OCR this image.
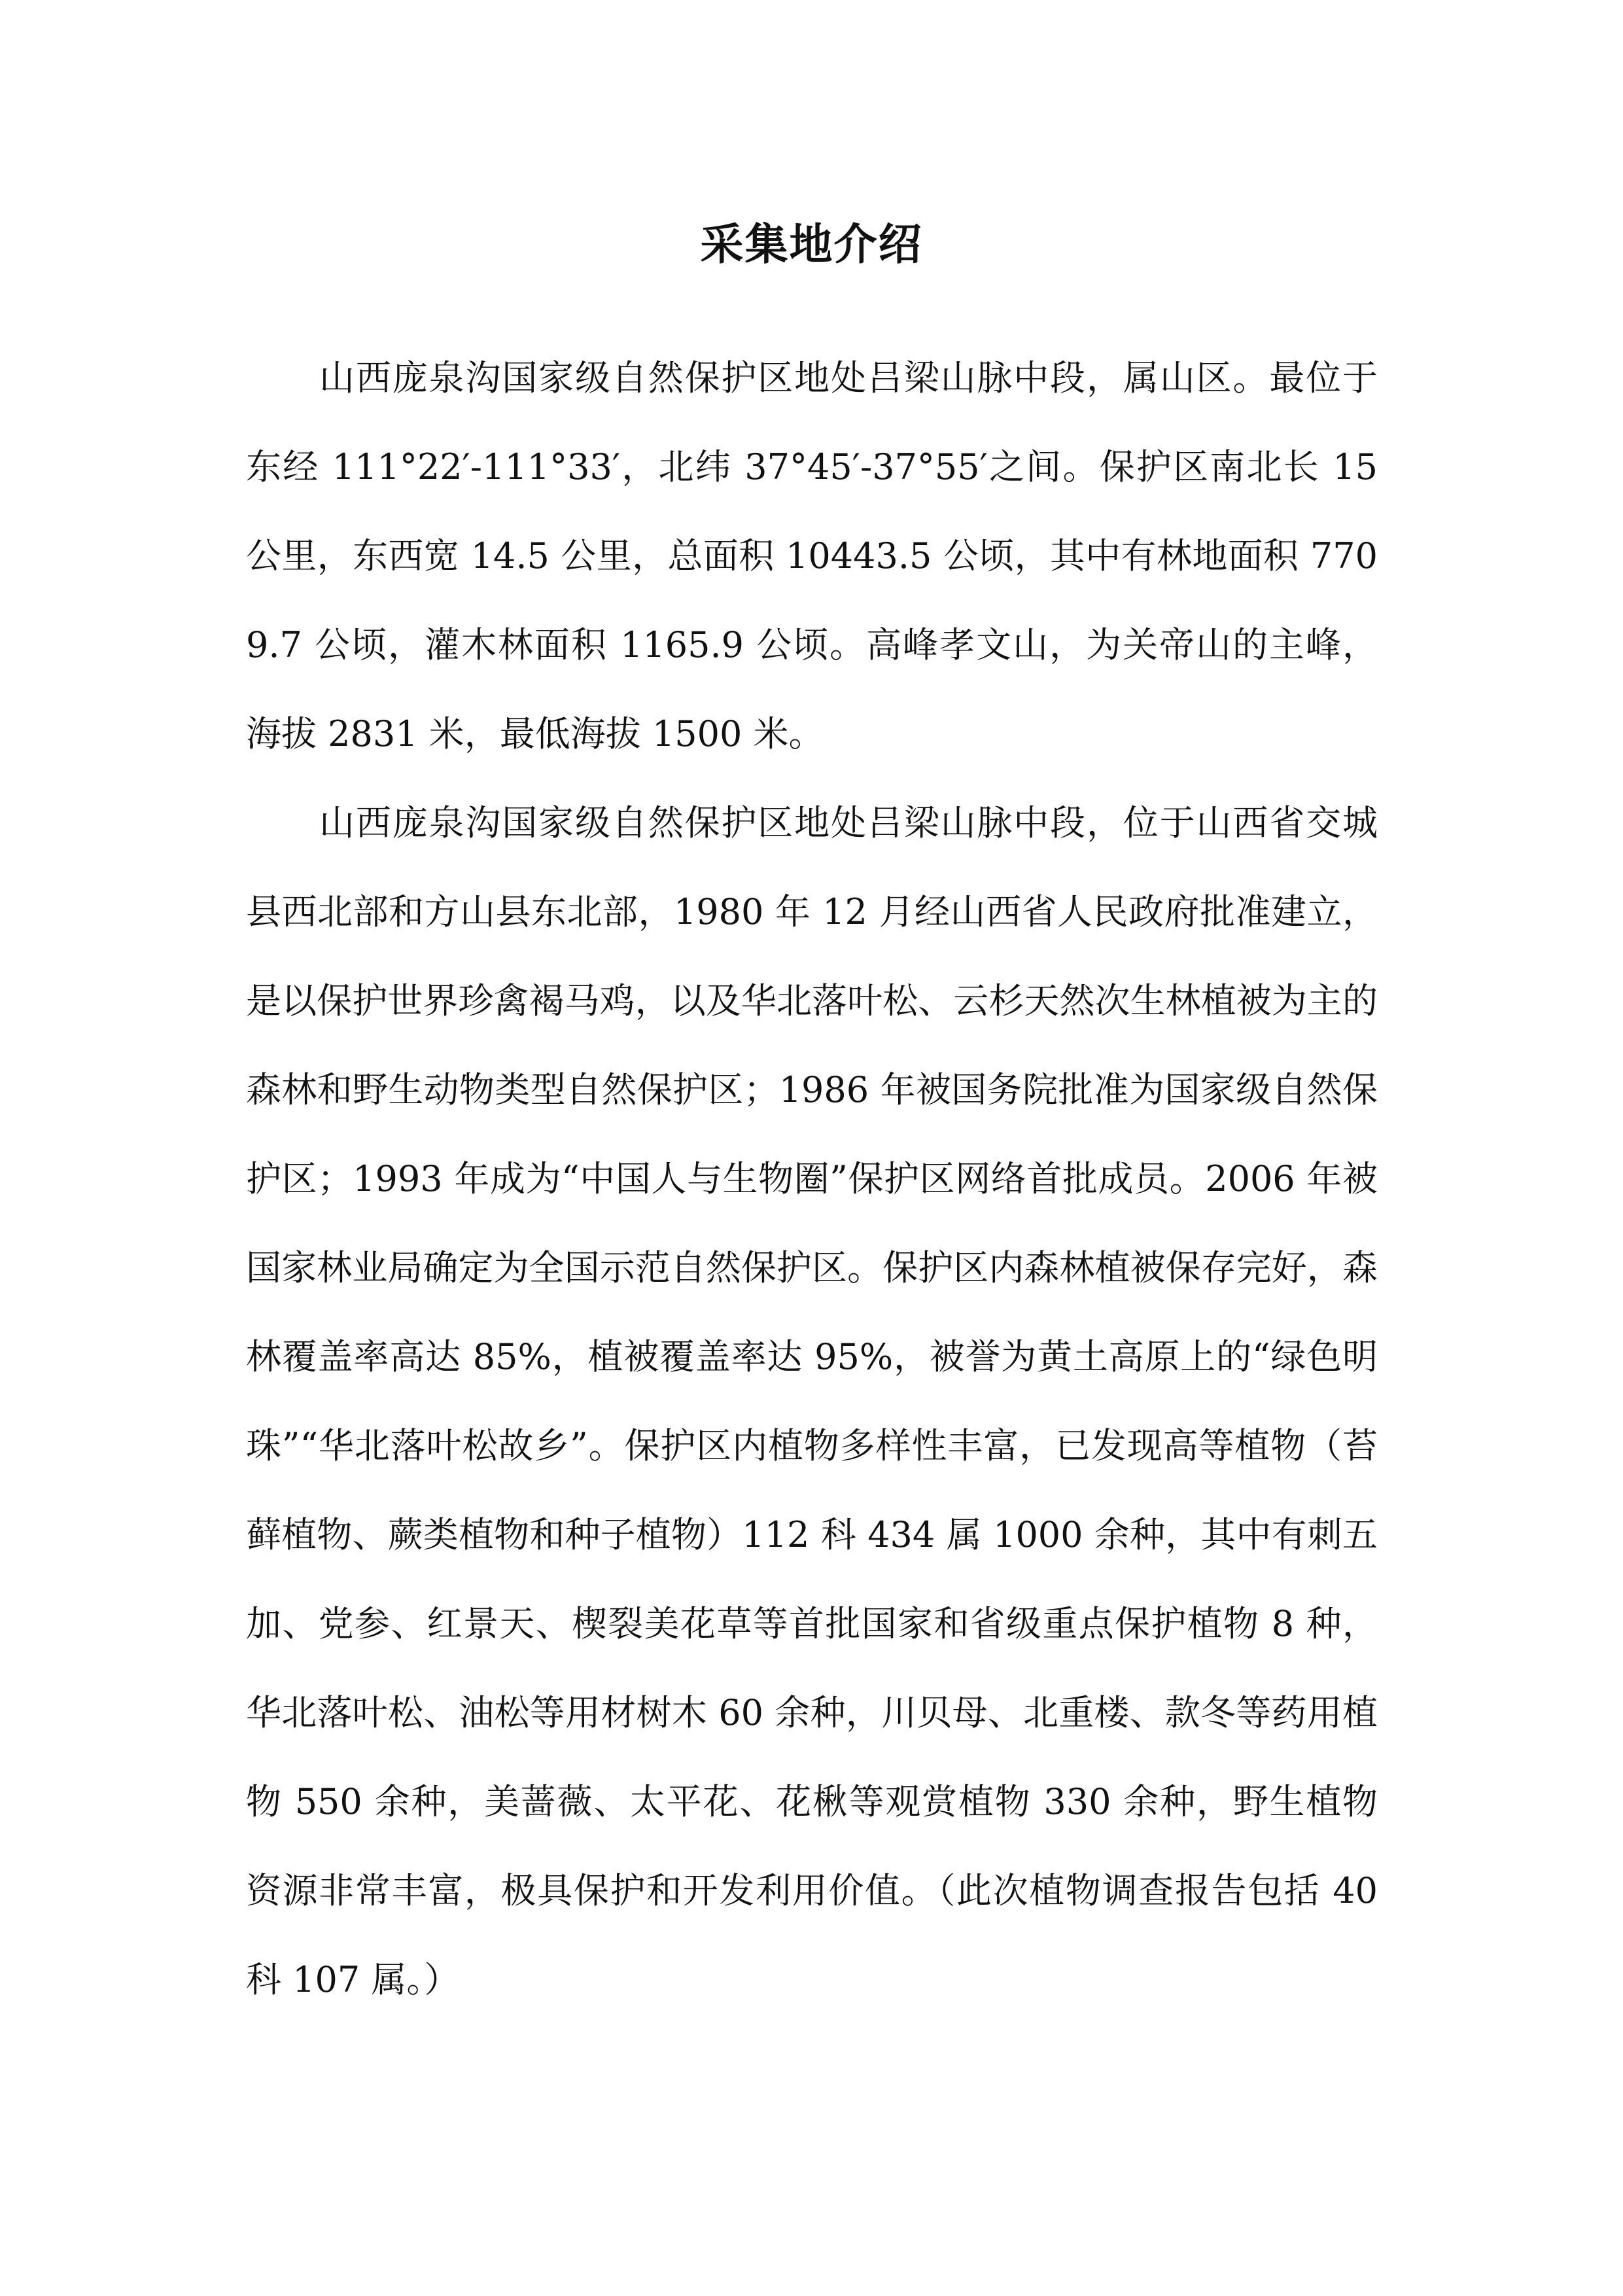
采集地介绍

山西庞泉沟国家级自然保护区地处吕梁山脉中段，属山区。最位于东经 111°22′-111°33′，北纬 37°45′-37°55′之间。保护区南北长 15 公里，东西宽 14.5 公里，总面积 10443.5 公顷，其中有林地面积 7709.7 公顷，灌木林面积 1165.9 公顷。高峰孝文山，为关帝山的主峰，海拔 2831 米，最低海拔 1500 米。

山西庞泉沟国家级自然保护区地处吕梁山脉中段，位于山西省交城县西北部和方山县东北部，1980 年 12 月经山西省人民政府批准建立，是以保护世界珍禽褐马鸡，以及华北落叶松、云杉天然次生林植被为主的森林和野生动物类型自然保护区；1986 年被国务院批准为国家级自然保护区；1993 年成为“中国人与生物圈”保护区网络首批成员。2006 年被国家林业局确定为全国示范自然保护区。保护区内森林植被保存完好，森林覆盖率高达 85%，植被覆盖率达 95%，被誉为黄土高原上的“绿色明珠”“华北落叶松故乡”。保护区内植物多样性丰富，已发现高等植物（苔藓植物、蕨类植物和种子植物）112 科 434 属 1000 余种，其中有刺五加、党参、红景天、楔裂美花草等首批国家和省级重点保护植物 8 种，华北落叶松、油松等用材树木 60 余种，川贝母、北重楼、款冬等药用植物 550 余种，美蔷薇、太平花、花楸等观赏植物 330 余种，野生植物资源非常丰富，极具保护和开发利用价值。（此次植物调查报告包括 40 科 107 属。）
